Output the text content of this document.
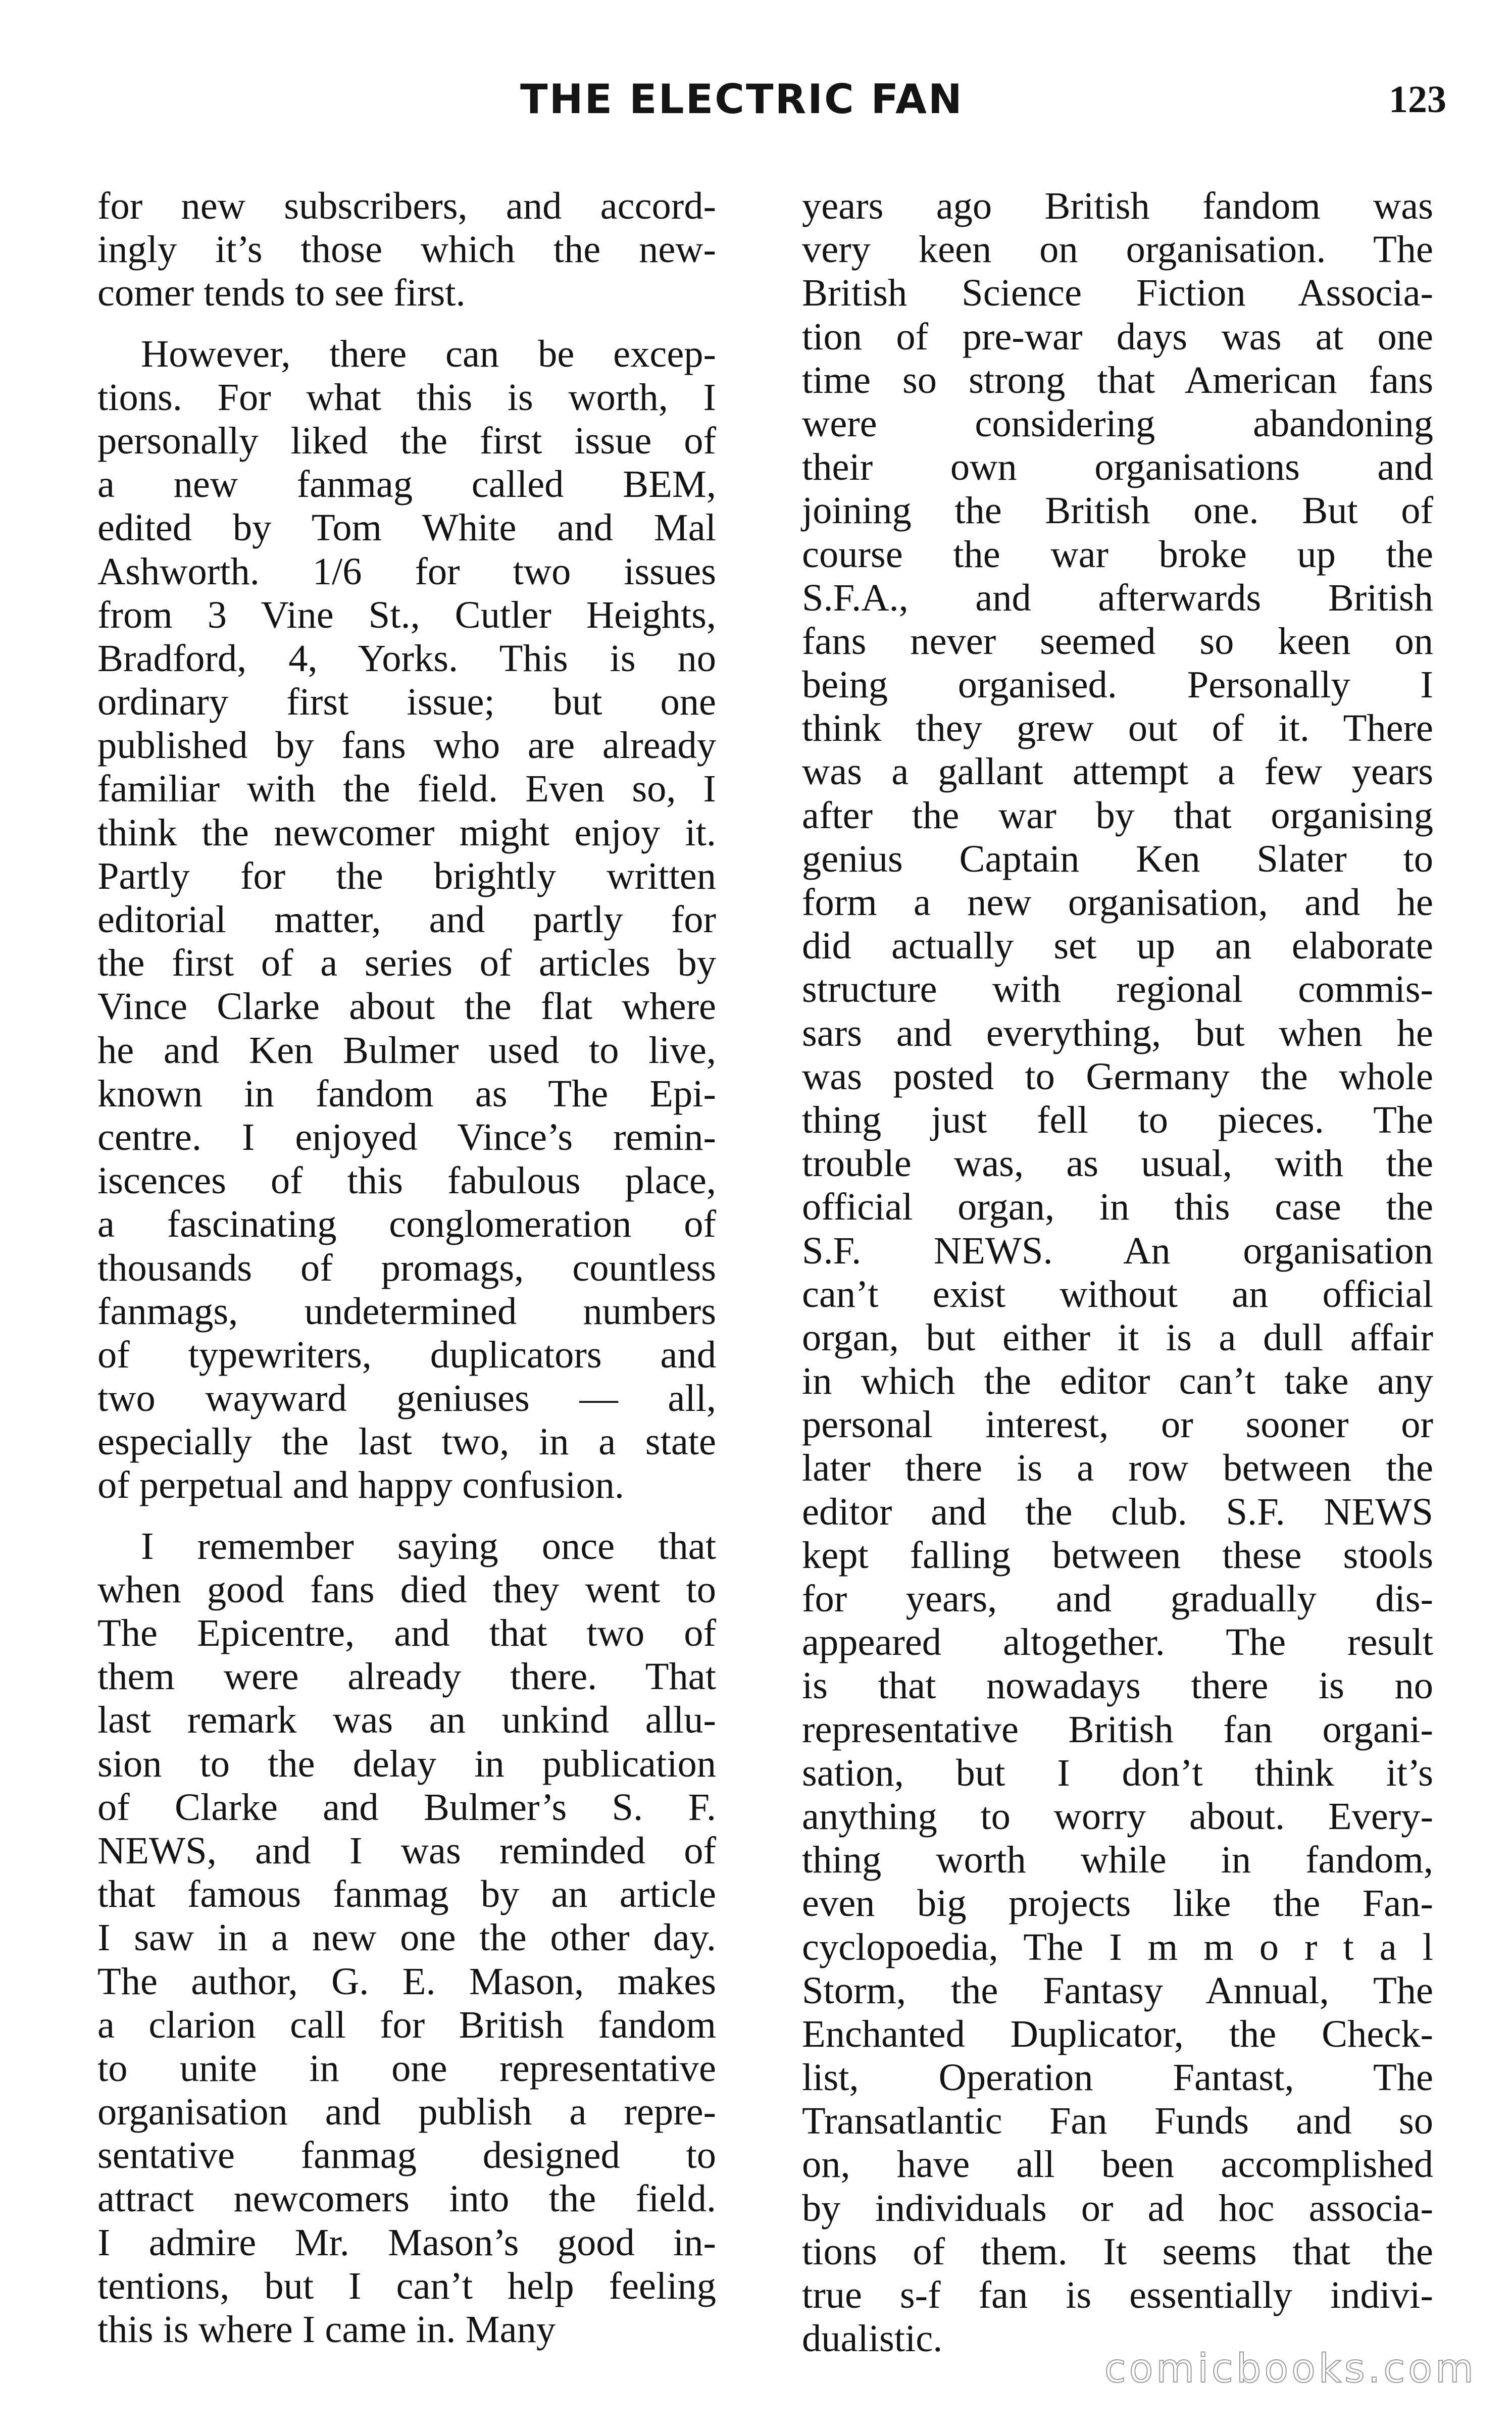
THE ELECTRIC FAN	123
for new subscribers, and accord-
ingly it’s those which the new-
comer tends to see first.
However, there can be excep-
tions. For what this is worth, I
personally liked the first issue of
a new fanmag called BEM,
edited by Tom White and Mal
Ashworth. 1/6 for two issues
from 3 Vine St., Cutler Heights,
Bradford, 4, Yorks. This is no
ordinary first issue; but one
published by fans who are already
familiar with the field. Even so, I
think the newcomer might enjoy it.
Partly for the brightly written
editorial matter, and partly for
the first of a series of articles by
Vince Clarke about the flat where
he and Ken Bulmer used to live,
known in fandom as The Epi-
centre. I enjoyed Vince’s remin-
iscences of this fabulous place,
a fascinating conglomeration of
thousands of promags, countless
fanmags, undetermined numbers
of typewriters, duplicators and
two wayward geniuses — all,
especially the last two, in a state
of perpetual and happy confusion.
I remember saying once that
when good fans died they went to
The Epicentre, and that two of
them were already there. That
last remark was an unkind allu-
sion to the delay in publication
of Clarke and Bulmer’s S. F.
NEWS, and I was reminded of
that famous fanmag by an article
I saw in a new one the other day.
The author, G. E. Mason, makes
a clarion call for British fandom
to unite in one representative
organisation and publish a repre-
sentative fanmag designed to
attract newcomers into the field.
I admire Mr. Mason’s good in-
tentions, but I can’t help feeling
this is where I came in. Many
years ago British fandom was
very keen on organisation. The
British Science Fiction Associa-
tion of pre-war days was at one
time so strong that American fans
were considering abandoning
their own organisations and
joining the British one. But of
course the war broke up the
S.F.A., and afterwards British
fans never seemed so keen on
being organised. Personally I
think they grew out of it. There
was a gallant attempt a few years
after the war by that organising
genius Captain Ken Slater to
form a new organisation, and he
did actually set up an elaborate
structure with regional commis-
sars and everything, but when he
was posted to Germany the whole
thing just fell to pieces. The
trouble was, as usual, with the
official organ, in this case the
S.F. NEWS. An organisation
can’t exist without an official
organ, but either it is a dull affair
in which the editor can’t take any
personal interest, or sooner or
later there is a row between the
editor and the club. S.F. NEWS
kept falling between these stools
for years, and gradually dis-
appeared altogether. The result
is that nowadays there is no
representative British fan organi-
sation, but I don’t think it’s
anything to worry about. Every-
thing worth while in fandom,
even big projects like the Fan-
cyclopoedia, The I m m o r t a l
Storm, the Fantasy Annual, The
Enchanted Duplicator, the Check-
list, Operation Fantast, The
Transatlantic Fan Funds and so
on, have all been accomplished
by individuals or ad hoc associa-
tions of them. It seems that the
true s-f fan is essentially indivi-
dualistic.
comicbooks.com
